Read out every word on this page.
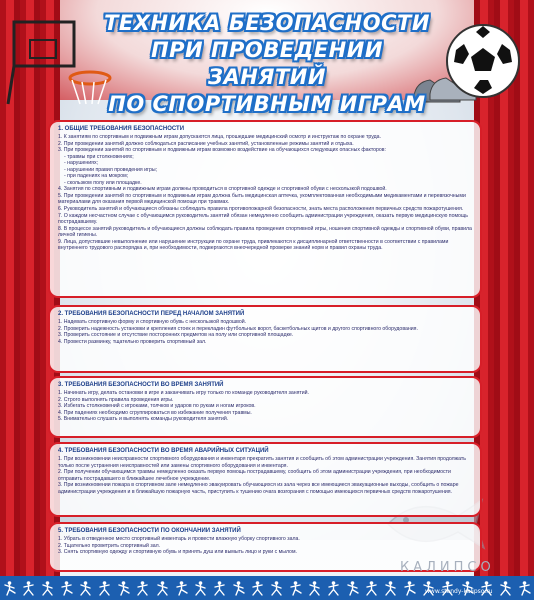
ТЕХНИКА БЕЗОПАСНОСТИ
ПРИ ПРОВЕДЕНИИ ЗАНЯТИЙ
ПО СПОРТИВНЫМ ИГРАМ
1. ОБЩИЕ ТРЕБОВАНИЯ БЕЗОПАСНОСТИ

1. К занятиям по спортивным и подвижным играм допускаются лица, прошедшие медицинский осмотр и инструктаж по охране труда.

2. При проведении занятий должно соблюдаться расписание учебных занятий, установленные режимы занятий и отдыха.

3. При проведении занятий по спортивным и подвижным играм возможно воздействие на обучающихся следующих опасных факторов:

- травмы при столкновениях;

- нарушениях;

- нарушении правил проведения игры;

- при падениях на мокром;

- скользком полу или площадке.

4. Занятия по спортивным и подвижным играм должны проводиться в спортивной одежде и спортивной обуви с нескользкой подошвой.

5. При проведении занятий по спортивным и подвижным играм должна быть медицинская аптечка, укомплектованная необходимыми медикаментами и перевязочными материалами для оказания первой медицинской помощи при травмах.

6. Руководитель занятий и обучающиеся обязаны соблюдать правила противопожарной безопасности, знать места расположения первичных средств пожаротушения.

7. О каждом несчастном случае с обучающимся руководитель занятий обязан немедленно сообщить администрации учреждения, оказать первую медицинскую помощь пострадавшему.

8. В процессе занятий руководитель и обучающиеся должны соблюдать правила проведения спортивной игры, ношения спортивной одежды и спортивной обуви, правила личной гигиены.

9. Лица, допустившие невыполнение или нарушение инструкции по охране труда, привлекаются к дисциплинарной ответственности в соответствии с правилами внутреннего трудового распорядка и, при необходимости, подвергаются внеочередной проверке знаний норм и правил охраны труда.

2. ТРЕБОВАНИЯ БЕЗОПАСНОСТИ ПЕРЕД НАЧАЛОМ ЗАНЯТИЙ

1. Надевать спортивную форму и спортивную обувь с нескользкой подошвой.

2. Проверить надежность установки и крепления стоек и перекладин футбольных ворот, баскетбольных щитов и другого спортивного оборудования.

3. Проверить состояние и отсутствие посторонних предметов на полу или спортивной площадке.

4. Провести разминку, тщательно проверить спортивный зал.

3. ТРЕБОВАНИЯ БЕЗОПАСНОСТИ ВО ВРЕМЯ ЗАНЯТИЙ

1. Начинать игру, делать остановки в игре и заканчивать игру только по команде руководителя занятий.

2. Строго выполнять правила проведения игры.

3. Избегать столкновений с игроками, толчков и ударов по рукам и ногам игроков.

4. При падениях необходимо сгруппироваться во избежание получения травмы.

5. Внимательно слушать и выполнять команды руководителя занятий.

4. ТРЕБОВАНИЯ БЕЗОПАСНОСТИ ВО ВРЕМЯ АВАРИЙНЫХ СИТУАЦИЙ

1. При возникновении неисправности спортивного оборудования и инвентаря прекратить занятия и сообщить об этом администрации учреждения. Занятия продолжать только после устранения неисправностей или замены спортивного оборудования и инвентаря.

2. При получении обучающимся травмы немедленно оказать первую помощь пострадавшему, сообщить об этом администрации учреждения, при необходимости отправить пострадавшего в ближайшее лечебное учреждение.

3. При возникновении пожара в спортивном зале немедленно эвакуировать обучающихся из зала через все имеющиеся эвакуационные выходы, сообщить о пожаре администрации учреждения и в ближайшую пожарную часть, приступить к тушению очага возгорания с помощью имеющихся первичных средств пожаротушения.

5. ТРЕБОВАНИЯ БЕЗОПАСНОСТИ ПО ОКОНЧАНИИ ЗАНЯТИЙ

1. Убрать в отведенное место спортивный инвентарь и провести влажную уборку спортивного зала.

2. Тщательно проветрить спортивный зал.

3. Снять спортивную одежду и спортивную обувь и принять душ или вымыть лицо и руки с мылом.

КАЛИПСО
www.stendy-kalipso.ru
